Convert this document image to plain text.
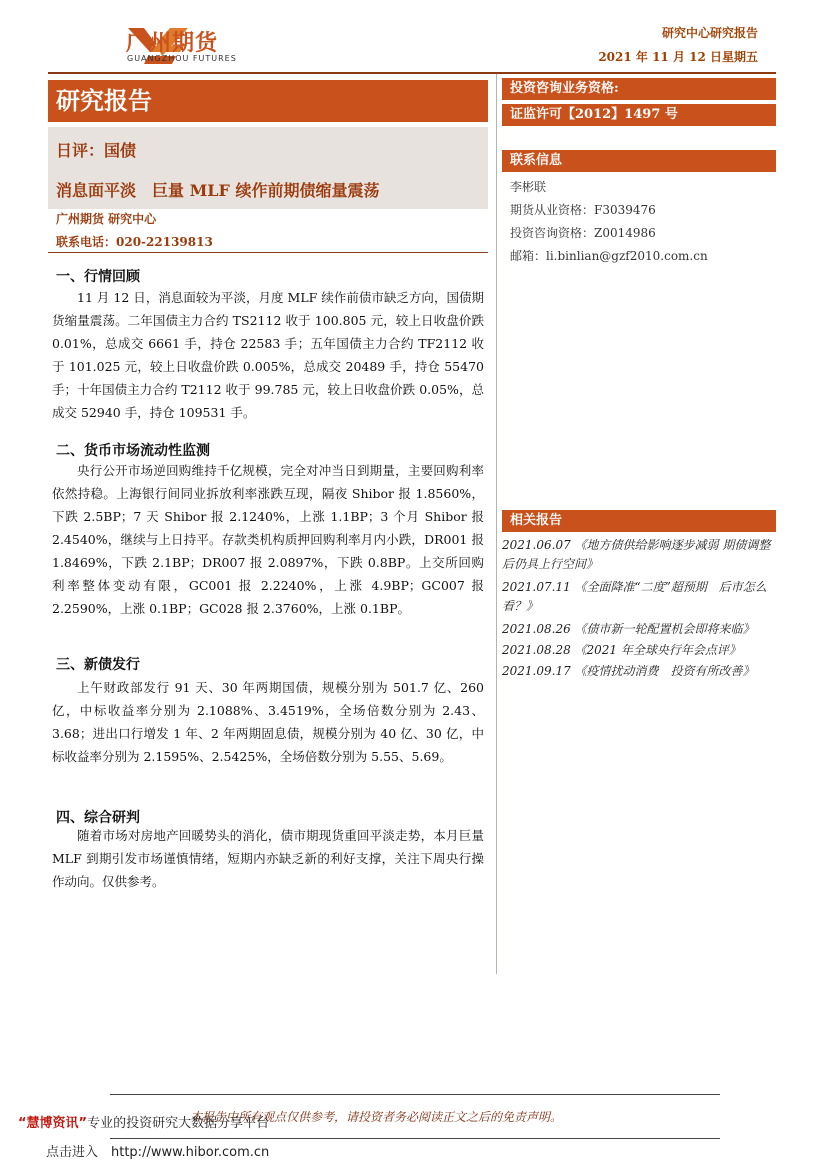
广州期货
GUANGZHOU FUTURES
研究中心研究报告
2021 年 11 月 12 日星期五
研究报告
日评：国债
消息面平淡　巨量 MLF 续作前期债缩量震荡
广州期货 研究中心
联系电话：020-22139813
投资咨询业务资格:
证监许可【2012】1497 号
联系信息
李彬联
期货从业资格：F3039476
投资咨询资格：Z0014986
邮箱：li.binlian@gzf2010.com.cn
相关报告
2021.06.07 《地方债供给影响逐步减弱 期债调整后仍具上行空间》
2021.07.11 《全面降准“二度”超预期　后市怎么看？》
2021.08.26 《债市新一轮配置机会即将来临》
2021.08.28 《2021 年全球央行年会点评》
2021.09.17 《疫情扰动消费　投资有所改善》
一、行情回顾
11 月 12 日，消息面较为平淡，月度 MLF 续作前债市缺乏方向，国债期货缩量震荡。二年国债主力合约 TS2112 收于 100.805 元，较上日收盘价跌 0.01%，总成交 6661 手，持仓 22583 手；五年国债主力合约 TF2112 收于 101.025 元，较上日收盘价跌 0.005%，总成交 20489 手，持仓 55470 手；十年国债主力合约 T2112 收于 99.785 元，较上日收盘价跌 0.05%，总成交 52940 手，持仓 109531 手。
二、货币市场流动性监测
央行公开市场逆回购维持千亿规模，完全对冲当日到期量，主要回购利率依然持稳。上海银行间同业拆放利率涨跌互现，隔夜 Shibor 报 1.8560%，下跌 2.5BP；7 天 Shibor 报 2.1240%，上涨 1.1BP；3 个月 Shibor 报 2.4540%，继续与上日持平。存款类机构质押回购利率月内小跌，DR001 报 1.8469%，下跌 2.1BP；DR007 报 2.0897%，下跌 0.8BP。上交所回购利率整体变动有限，GC001 报 2.2240%，上涨 4.9BP；GC007 报 2.2590%，上涨 0.1BP；GC028 报 2.3760%，上涨 0.1BP。
三、新债发行
上午财政部发行 91 天、30 年两期国债，规模分别为 501.7 亿、260 亿，中标收益率分别为 2.1088%、3.4519%，全场倍数分别为 2.43、3.68；进出口行增发 1 年、2 年两期固息债，规模分别为 40 亿、30 亿，中标收益率分别为 2.1595%、2.5425%，全场倍数分别为 5.55、5.69。
四、综合研判
随着市场对房地产回暖势头的消化，债市期现货重回平淡走势，本月巨量 MLF 到期引发市场谨慎情绪，短期内亦缺乏新的利好支撑，关注下周央行操作动向。仅供参考。
本报告中所有观点仅供参考，请投资者务必阅读正文之后的免责声明。
“慧博资讯”专业的投资研究大数据分享平台
点击进入　http://www.hibor.com.cn
